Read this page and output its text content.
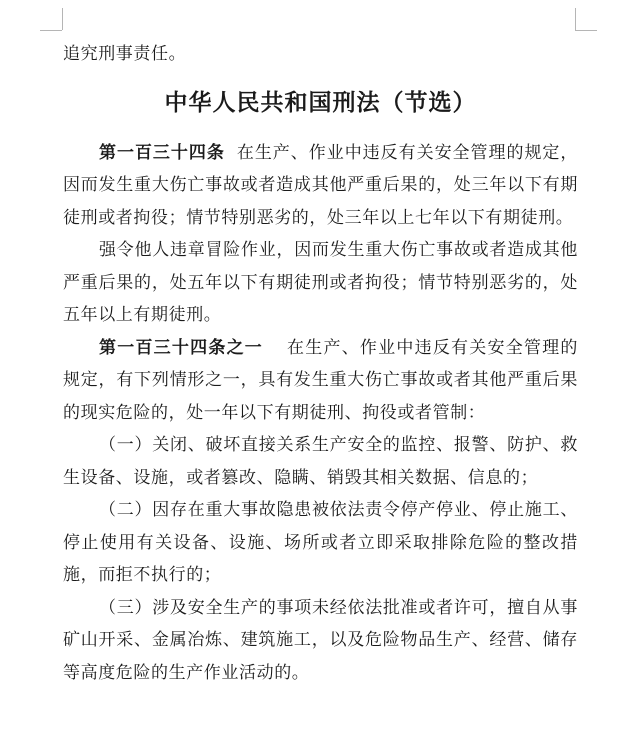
追究刑事责任。

中华人民共和国刑法（节选）

第一百三十四条 在生产、作业中违反有关安全管理的规定，因而发生重大伤亡事故或者造成其他严重后果的，处三年以下有期徒刑或者拘役；情节特别恶劣的，处三年以上七年以下有期徒刑。

强令他人违章冒险作业，因而发生重大伤亡事故或者造成其他严重后果的，处五年以下有期徒刑或者拘役；情节特别恶劣的，处五年以上有期徒刑。

第一百三十四条之一 在生产、作业中违反有关安全管理的规定，有下列情形之一，具有发生重大伤亡事故或者其他严重后果的现实危险的，处一年以下有期徒刑、拘役或者管制：

（一）关闭、破坏直接关系生产安全的监控、报警、防护、救生设备、设施，或者篡改、隐瞒、销毁其相关数据、信息的；

（二）因存在重大事故隐患被依法责令停产停业、停止施工、停止使用有关设备、设施、场所或者立即采取排除危险的整改措施，而拒不执行的；

（三）涉及安全生产的事项未经依法批准或者许可，擅自从事矿山开采、金属冶炼、建筑施工，以及危险物品生产、经营、储存等高度危险的生产作业活动的。
